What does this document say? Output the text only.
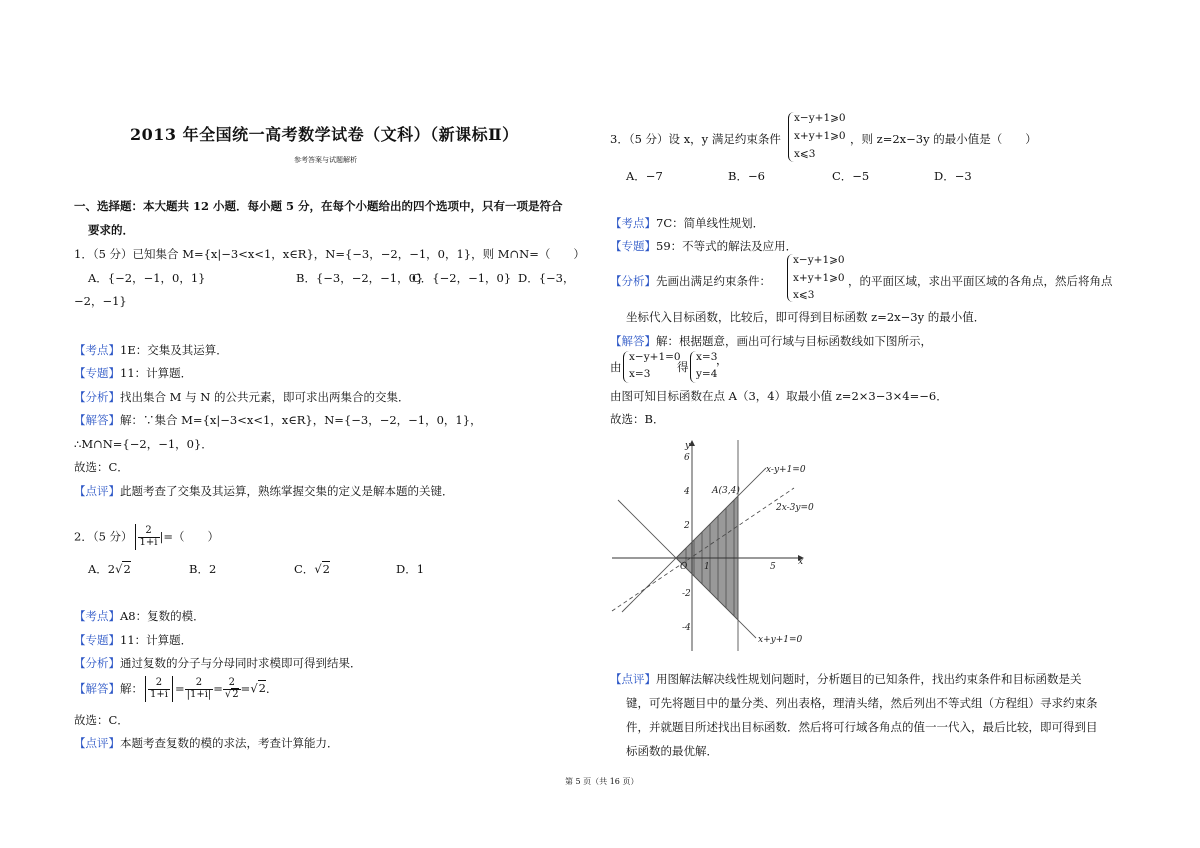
2013 年全国统一高考数学试卷（文科）（新课标Ⅱ）
参考答案与试题解析
一、选择题：本大题共 12 小题．每小题 5 分，在每个小题给出的四个选项中，只有一项是符合
要求的．
1．（5 分）已知集合 M={x|−3<x<1，x∈R}，N={−3，−2，−1，0，1}，则 M∩N=（　　）
A．{−2，−1，0，1}	B．{−3，−2，−1，0}
C．{−2，−1，0} D．{−3，
−2，−1}
【考点】1E：交集及其运算．
【专题】11：计算题．
【分析】找出集合 M 与 N 的公共元素，即可求出两集合的交集．
【解答】解：∵集合 M={x|−3<x<1，x∈R}，N={−3，−2，−1，0，1}，
∴M∩N={−2，−1，0}．
故选：C．
【点评】此题考查了交集及其运算，熟练掌握交集的定义是解本题的关键．
2．（5 分） $\frac{2}{1+i}$ |=（　　）
A．2√2	B．2	C．√2	D．1
【考点】A8：复数的模．
【专题】11：计算题．
【分析】通过复数的分子与分母同时求模即可得到结果．
【解答】解： $\frac{2}{1+i} = \frac{2}{|1+i|} = \frac{2}{√2} =√2$．
故选：C．
【点评】本题考查复数的模的求法，考查计算能力．
3．（5 分）设 x，y 满足约束条件
x−y+1⩾0
x+y+1⩾0
x⩽3
，则 z=2x−3y 的最小值是（　　）
A．−7	B．−6	C．−5	D．−3
【考点】7C：简单线性规划．
【专题】59：不等式的解法及应用．
【分析】先画出满足约束条件：
x−y+1⩾0
x+y+1⩾0
x⩽3
，的平面区域，求出平面区域的各角点，然后将角点
坐标代入目标函数，比较后，即可得到目标函数 z=2x−3y 的最小值．
【解答】解：根据题意，画出可行域与目标函数线如下图所示，
由
x−y+1=0
x=3 得
x=3
y=4
，
由图可知目标函数在点 A（3，4）取最小值 z=2×3−3×4=−6．
故选：B．
6
4
2
-2
-4
1	5
O
y
x
x-y+1=0
2x-3y=0
x+y+1=0
A(3,4)
【点评】用图解法解决线性规划问题时，分析题目的已知条件，找出约束条件和目标函数是关
键，可先将题目中的量分类、列出表格，理清头绪，然后列出不等式组（方程组）寻求约束条
件，并就题目所述找出目标函数．然后将可行域各角点的值一一代入，最后比较，即可得到目
标函数的最优解．
第 5 页（共 16 页）
